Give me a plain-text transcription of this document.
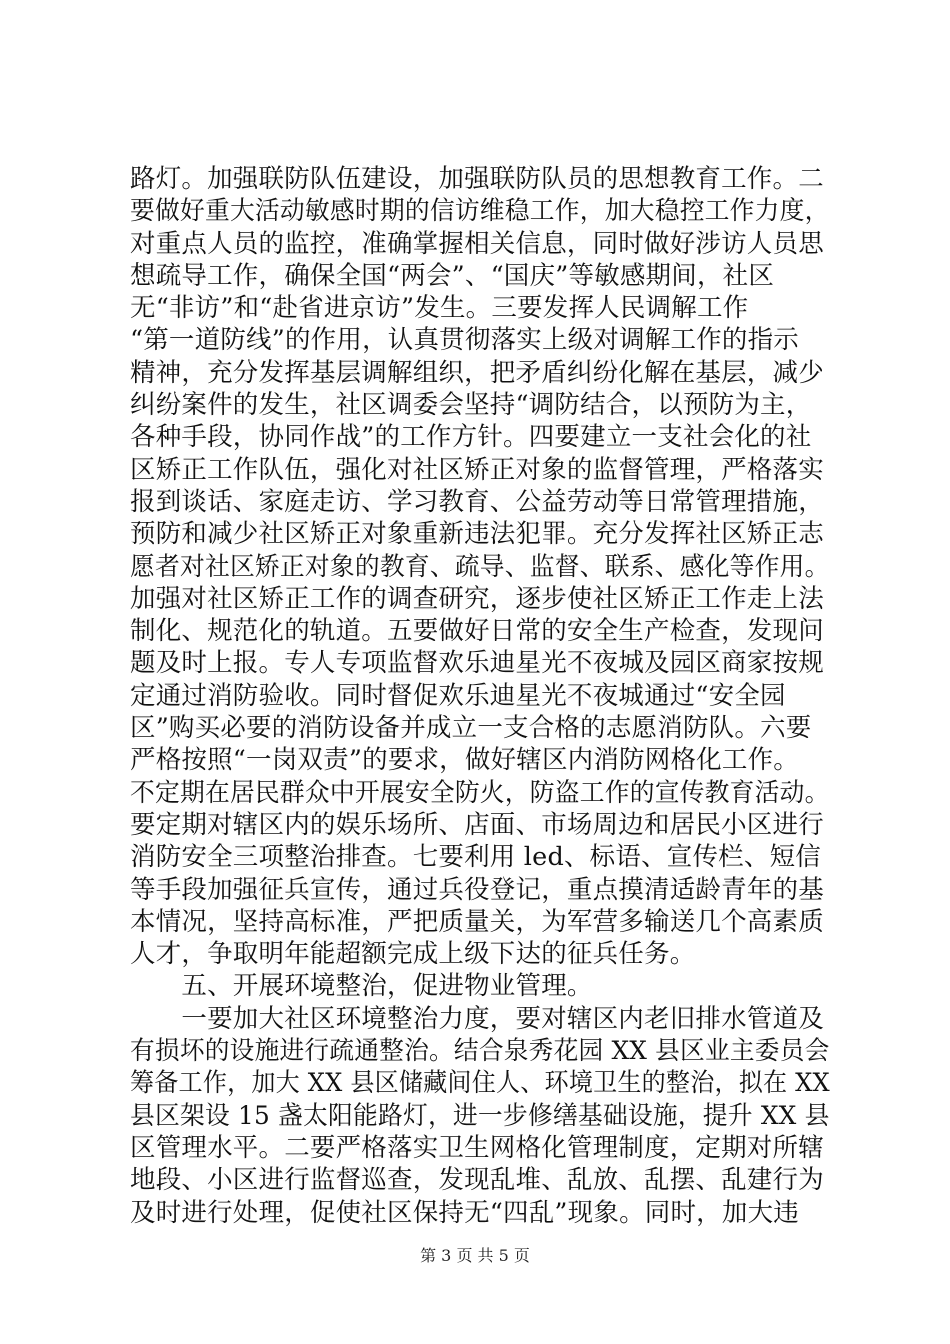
路灯。加强联防队伍建设，加强联防队员的思想教育工作。二
要做好重大活动敏感时期的信访维稳工作，加大稳控工作力度，
对重点人员的监控，准确掌握相关信息，同时做好涉访人员思
想疏导工作，确保全国“两会”、“国庆”等敏感期间，社区
无“非访”和“赴省进京访”发生。三要发挥人民调解工作
“第一道防线”的作用，认真贯彻落实上级对调解工作的指示
精神，充分发挥基层调解组织，把矛盾纠纷化解在基层，减少
纠纷案件的发生，社区调委会坚持“调防结合，以预防为主，
各种手段，协同作战”的工作方针。四要建立一支社会化的社
区矫正工作队伍，强化对社区矫正对象的监督管理，严格落实
报到谈话、家庭走访、学习教育、公益劳动等日常管理措施，
预防和减少社区矫正对象重新违法犯罪。充分发挥社区矫正志
愿者对社区矫正对象的教育、疏导、监督、联系、感化等作用。
加强对社区矫正工作的调查研究，逐步使社区矫正工作走上法
制化、规范化的轨道。五要做好日常的安全生产检查，发现问
题及时上报。专人专项监督欢乐迪星光不夜城及园区商家按规
定通过消防验收。同时督促欢乐迪星光不夜城通过“安全园
区”购买必要的消防设备并成立一支合格的志愿消防队。六要
严格按照“一岗双责”的要求，做好辖区内消防网格化工作。
不定期在居民群众中开展安全防火，防盗工作的宣传教育活动。
要定期对辖区内的娱乐场所、店面、市场周边和居民小区进行
消防安全三项整治排查。七要利用 led、标语、宣传栏、短信
等手段加强征兵宣传，通过兵役登记，重点摸清适龄青年的基
本情况，坚持高标准，严把质量关，为军营多输送几个高素质
人才，争取明年能超额完成上级下达的征兵任务。
　　五、开展环境整治，促进物业管理。
　　一要加大社区环境整治力度，要对辖区内老旧排水管道及
有损坏的设施进行疏通整治。结合泉秀花园 XX 县区业主委员会
筹备工作，加大 XX 县区储藏间住人、环境卫生的整治，拟在 XX
县区架设 15 盏太阳能路灯，进一步修缮基础设施，提升 XX 县
区管理水平。二要严格落实卫生网格化管理制度，定期对所辖
地段、小区进行监督巡查，发现乱堆、乱放、乱摆、乱建行为
及时进行处理，促使社区保持无“四乱”现象。同时，加大违
第 3 页 共 5 页
